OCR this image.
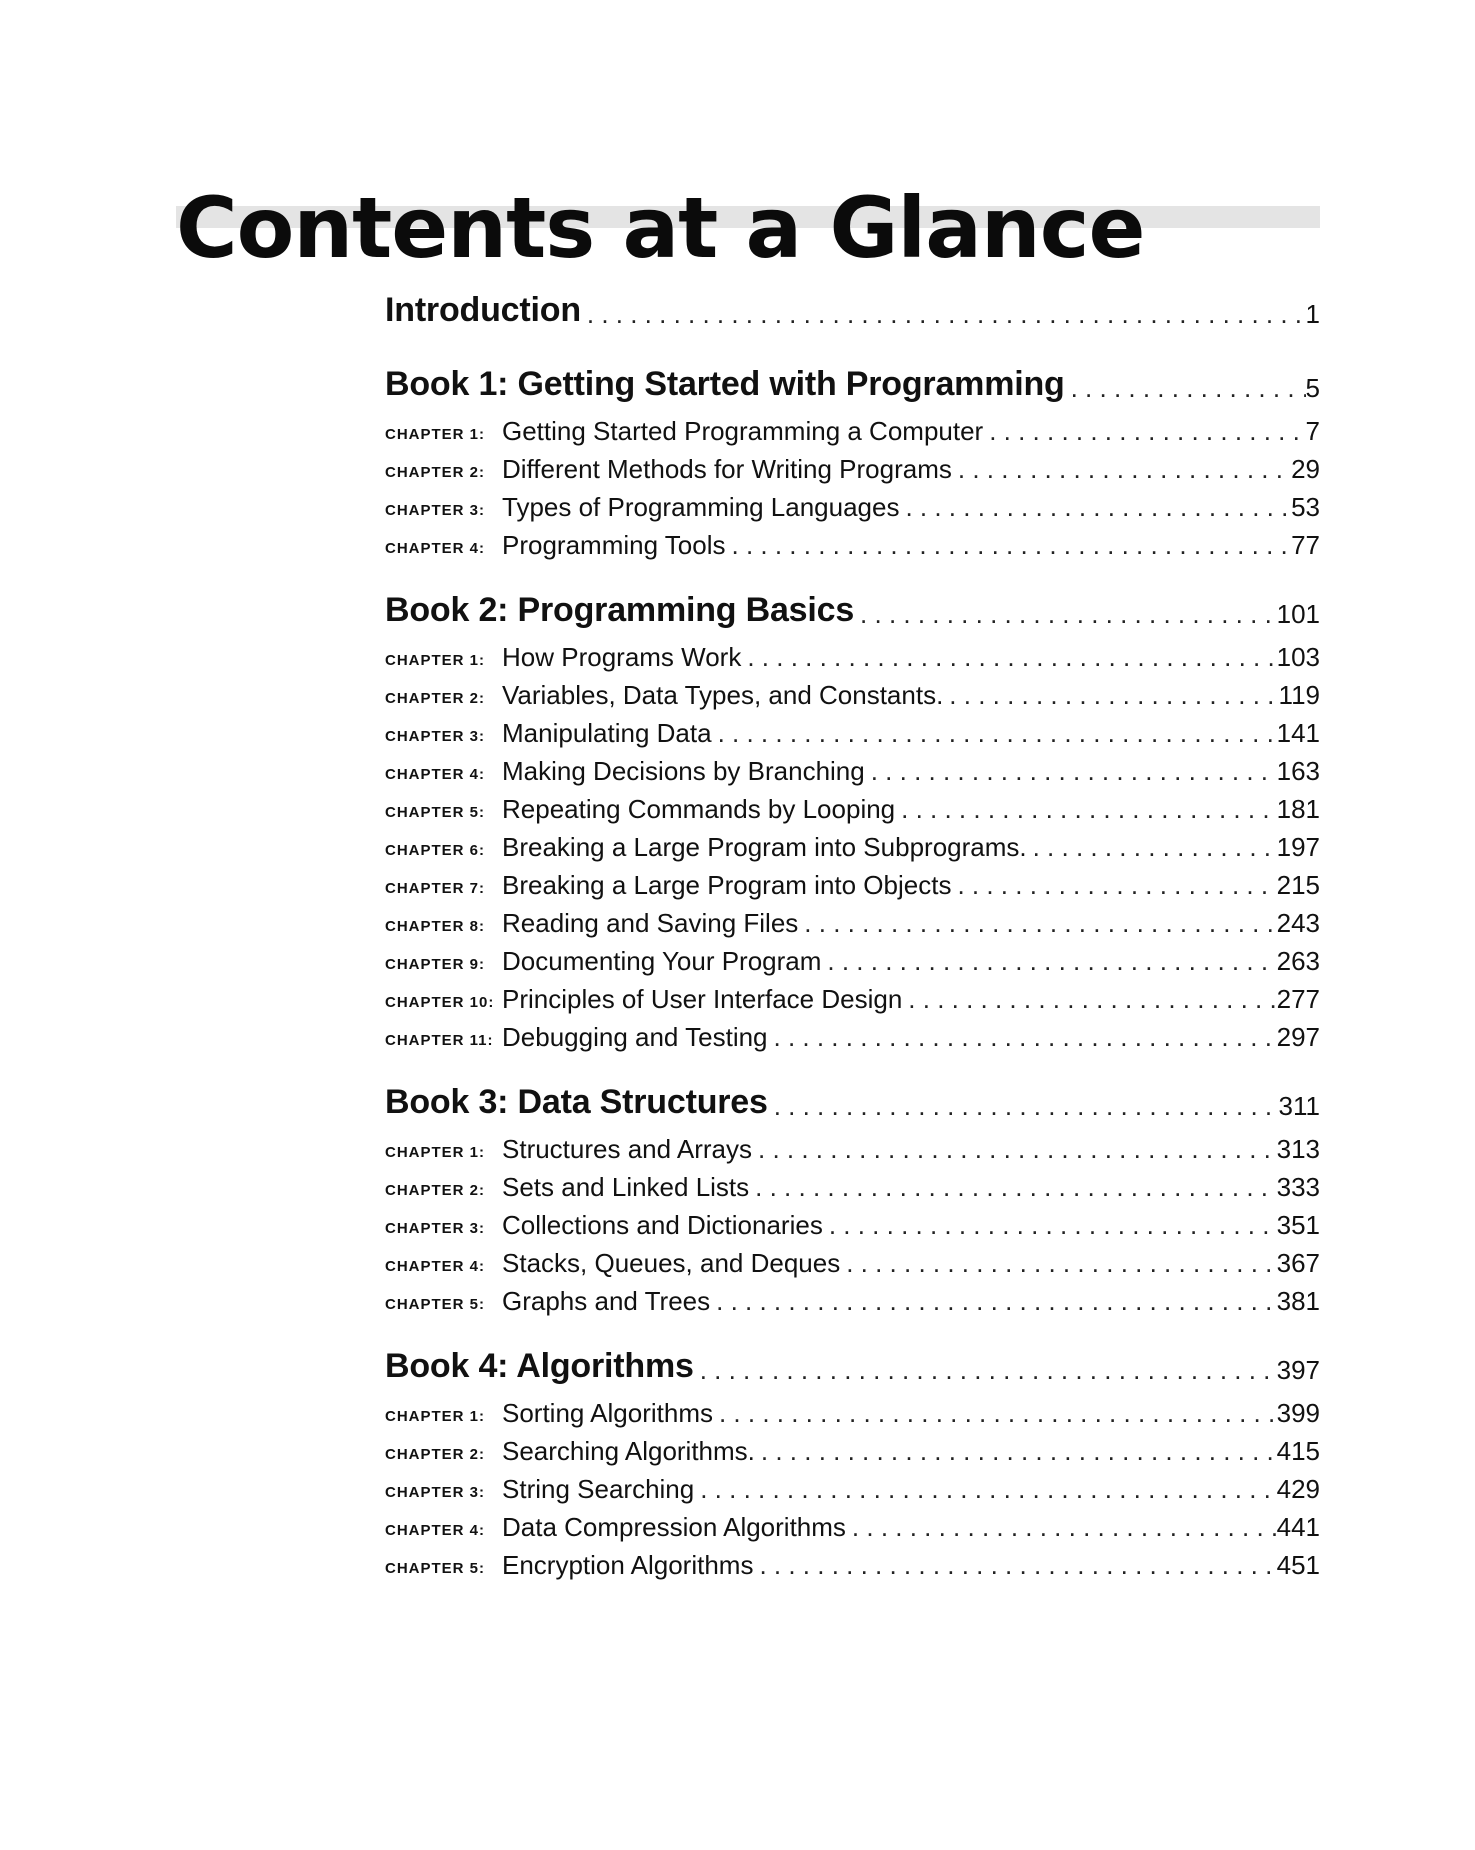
Contents at a Glance
Introduction . . .	1
Book 1: Getting Started with Programming . . .	5
CHAPTER 1: Getting Started Programming a Computer . . .	7
CHAPTER 2: Different Methods for Writing Programs . . .	29
CHAPTER 3: Types of Programming Languages . . .	53
CHAPTER 4: Programming Tools . . .	77
Book 2: Programming Basics . . .	101
CHAPTER 1: How Programs Work . . .	103
CHAPTER 2: Variables, Data Types, and Constants. . . .	119
CHAPTER 3: Manipulating Data . . .	141
CHAPTER 4: Making Decisions by Branching . . .	163
CHAPTER 5: Repeating Commands by Looping . . .	181
CHAPTER 6: Breaking a Large Program into Subprograms. . . .	197
CHAPTER 7: Breaking a Large Program into Objects . . .	215
CHAPTER 8: Reading and Saving Files . . .	243
CHAPTER 9: Documenting Your Program . . .	263
CHAPTER 10: Principles of User Interface Design . . .	277
CHAPTER 11: Debugging and Testing . . .	297
Book 3: Data Structures . . .	311
CHAPTER 1: Structures and Arrays . . .	313
CHAPTER 2: Sets and Linked Lists . . .	333
CHAPTER 3: Collections and Dictionaries . . .	351
CHAPTER 4: Stacks, Queues, and Deques . . .	367
CHAPTER 5: Graphs and Trees . . .	381
Book 4: Algorithms . . .	397
CHAPTER 1: Sorting Algorithms . . .	399
CHAPTER 2: Searching Algorithms. . . .	415
CHAPTER 3: String Searching . . .	429
CHAPTER 4: Data Compression Algorithms . . .	441
CHAPTER 5: Encryption Algorithms . . .	451
